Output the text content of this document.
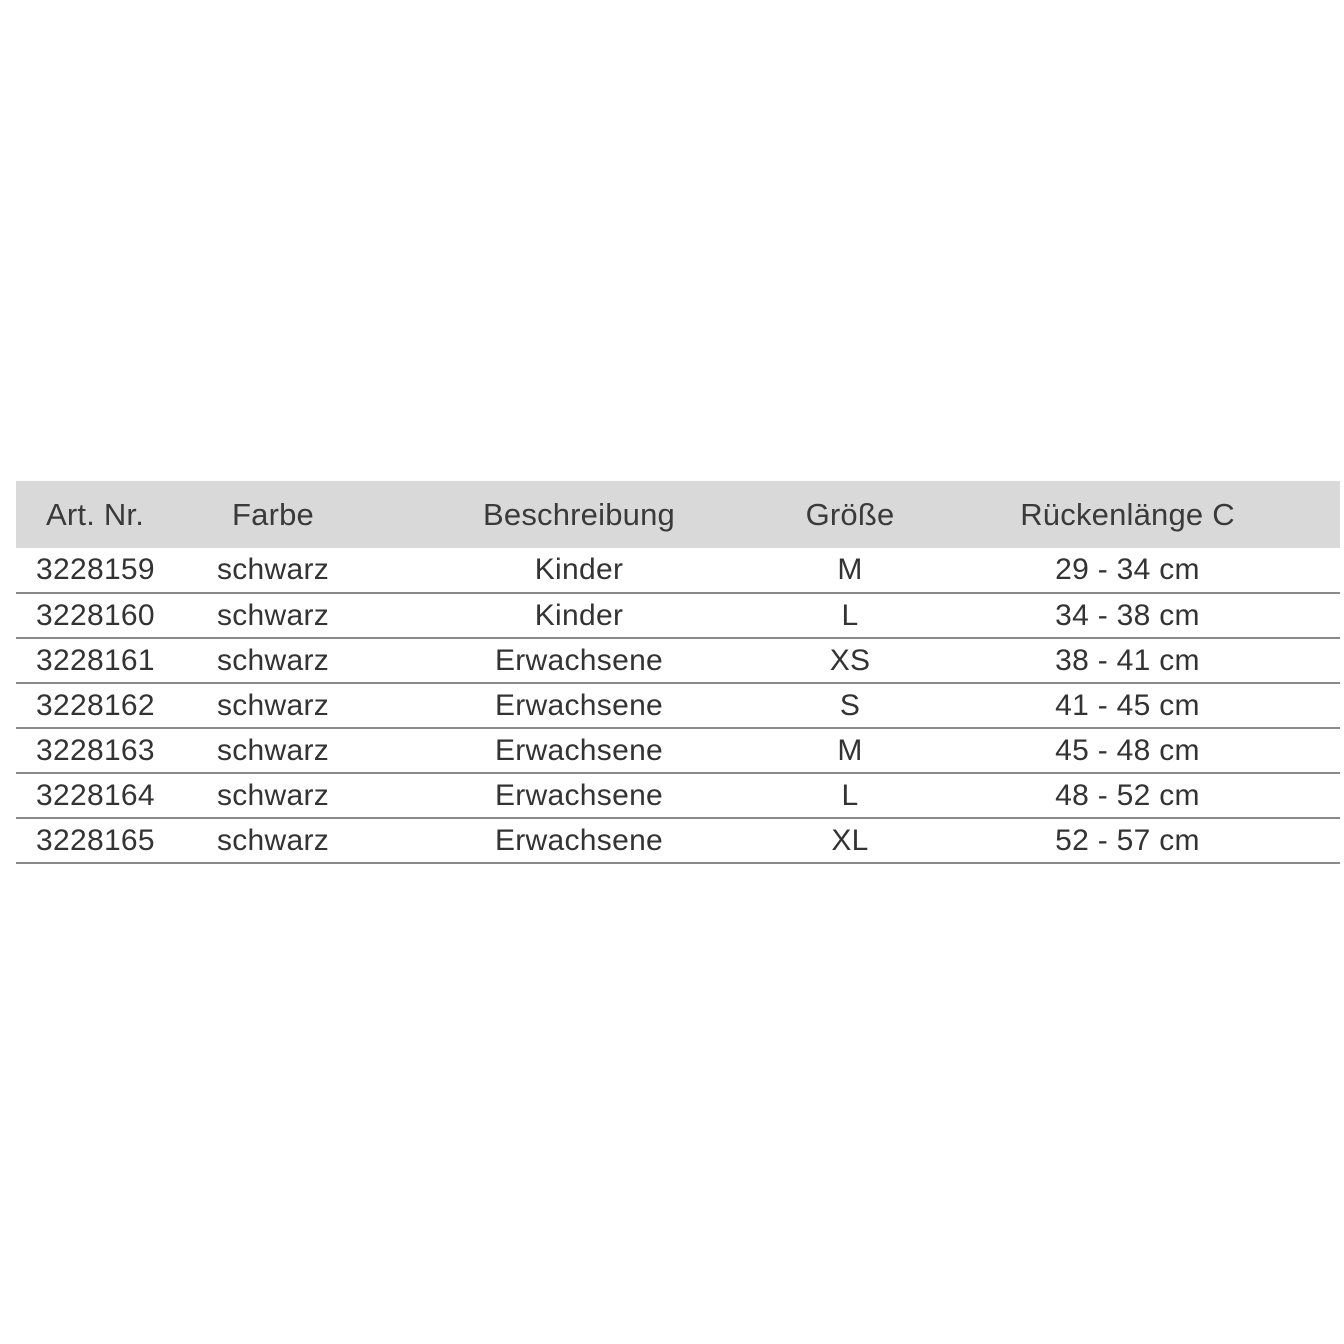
Art. Nr.	Farbe	Beschreibung	Größe	Rückenlänge C
3228159	schwarz	Kinder	M	29 - 34 cm
3228160	schwarz	Kinder	L	34 - 38 cm
3228161	schwarz	Erwachsene	XS	38 - 41 cm
3228162	schwarz	Erwachsene	S	41 - 45 cm
3228163	schwarz	Erwachsene	M	45 - 48 cm
3228164	schwarz	Erwachsene	L	48 - 52 cm
3228165	schwarz	Erwachsene	XL	52 - 57 cm
